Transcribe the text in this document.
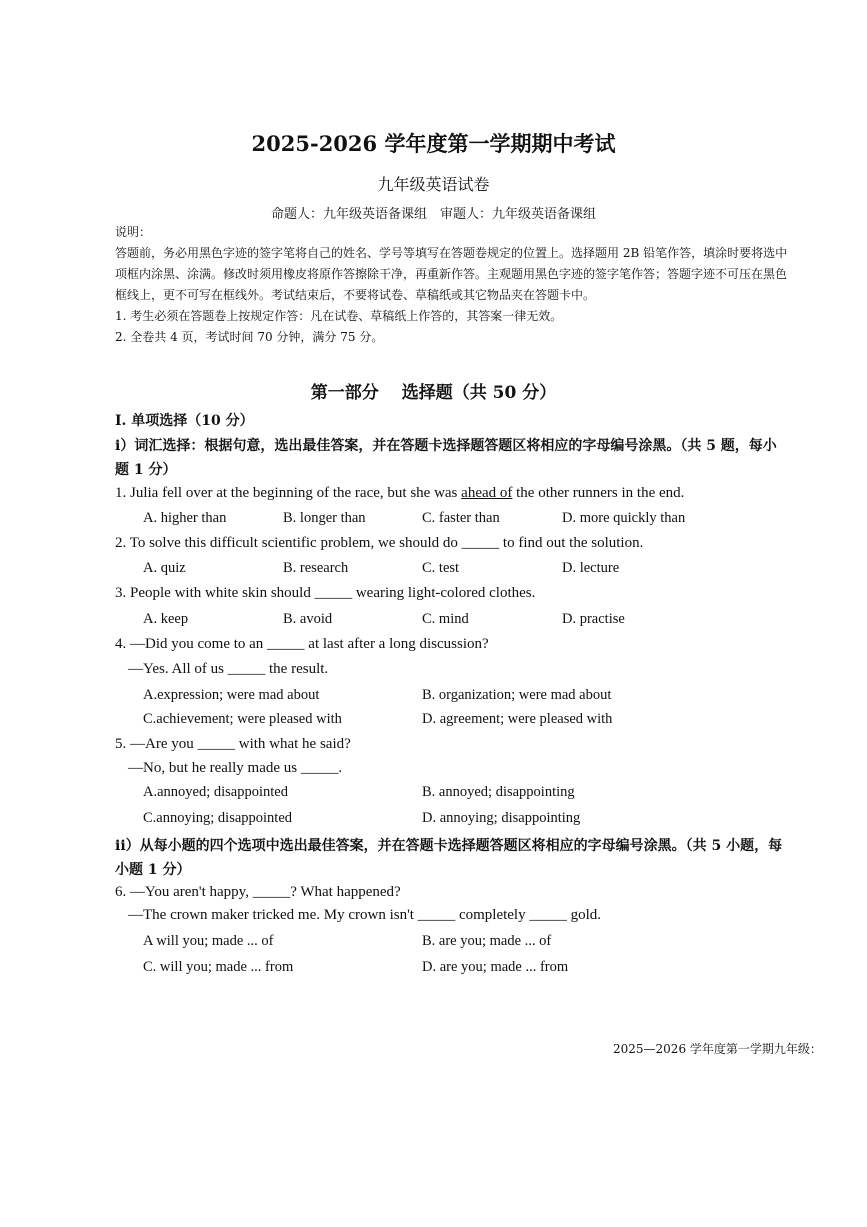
2025-2026 学年度第一学期期中考试
九年级英语试卷
命题人：九年级英语备课组　审题人：九年级英语备课组

说明：

答题前，务必用黑色字迹的签字笔将自己的姓名、学号等填写在答题卷规定的位置上。选择题用 2B 铅笔作答，填涂时要将选中项框内涂黑、涂满。修改时须用橡皮将原作答擦除干净，再重新作答。主观题用黑色字迹的签字笔作答；答题字迹不可压在黑色框线上，更不可写在框线外。考试结束后，不要将试卷、草稿纸或其它物品夹在答题卡中。

1. 考生必须在答题卷上按规定作答：凡在试卷、草稿纸上作答的，其答案一律无效。

2. 全卷共 4 页，考试时间 70 分钟，满分 75 分。

第一部分　 选择题（共 50 分）
I. 单项选择（10 分）
i）词汇选择：根据句意，选出最佳答案，并在答题卡选择题答题区将相应的字母编号涂黑。（共 5 题，每小题 1 分）
1. Julia fell over at the beginning of the race, but she was ahead of the other runners in the end.
A. higher than	B. longer than	C. faster than	D. more quickly than
2. To solve this difficult scientific problem, we should do _____ to find out the solution.
A. quiz	B. research	C. test	D. lecture
3. People with white skin should _____ wearing light-colored clothes.
A. keep	B. avoid	C. mind	D. practise
4. —Did you come to an _____ at last after a long discussion?
—Yes. All of us _____ the result.
A.expression; were mad about	B. organization; were mad about
C.achievement; were pleased with	D. agreement; were pleased with
5. —Are you _____ with what he said?
—No, but he really made us _____.
A.annoyed; disappointed	B. annoyed; disappointing
C.annoying; disappointed	D. annoying; disappointing
ii）从每小题的四个选项中选出最佳答案，并在答题卡选择题答题区将相应的字母编号涂黑。（共 5 小题，每小题 1 分）
6. —You aren't happy, _____? What happened?
—The crown maker tricked me. My crown isn't _____ completely _____ gold.
A will you; made ... of	B. are you; made ... of
C. will you; made ... from	D. are you; made ... from
2025—2026 学年度第一学期九年级：
